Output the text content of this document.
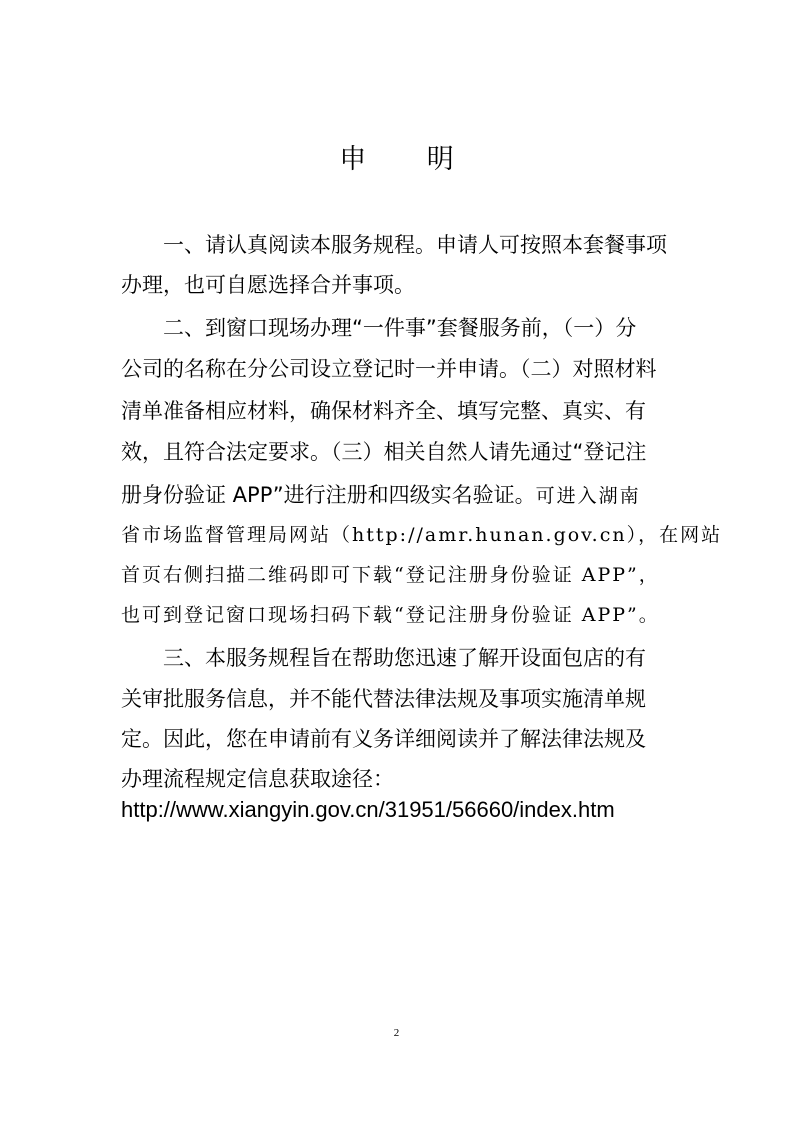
申 明
一、请认真阅读本服务规程。申请人可按照本套餐事项
办理，也可自愿选择合并事项。
二、到窗口现场办理“一件事”套餐服务前，（一）分
公司的名称在分公司设立登记时一并申请。（二）对照材料
清单准备相应材料，确保材料齐全、填写完整、真实、有
效，且符合法定要求。（三）相关自然人请先通过“登记注
册身份验证 APP”进行注册和四级实名验证。可进入湖南
省市场监督管理局网站（http://amr.hunan.gov.cn），在网站
首页右侧扫描二维码即可下载“登记注册身份验证 APP”，
也可到登记窗口现场扫码下载“登记注册身份验证 APP”。
三、本服务规程旨在帮助您迅速了解开设面包店的有
关审批服务信息，并不能代替法律法规及事项实施清单规
定。因此，您在申请前有义务详细阅读并了解法律法规及
办理流程规定信息获取途径：
http://www.xiangyin.gov.cn/31951/56660/index.htm
2
